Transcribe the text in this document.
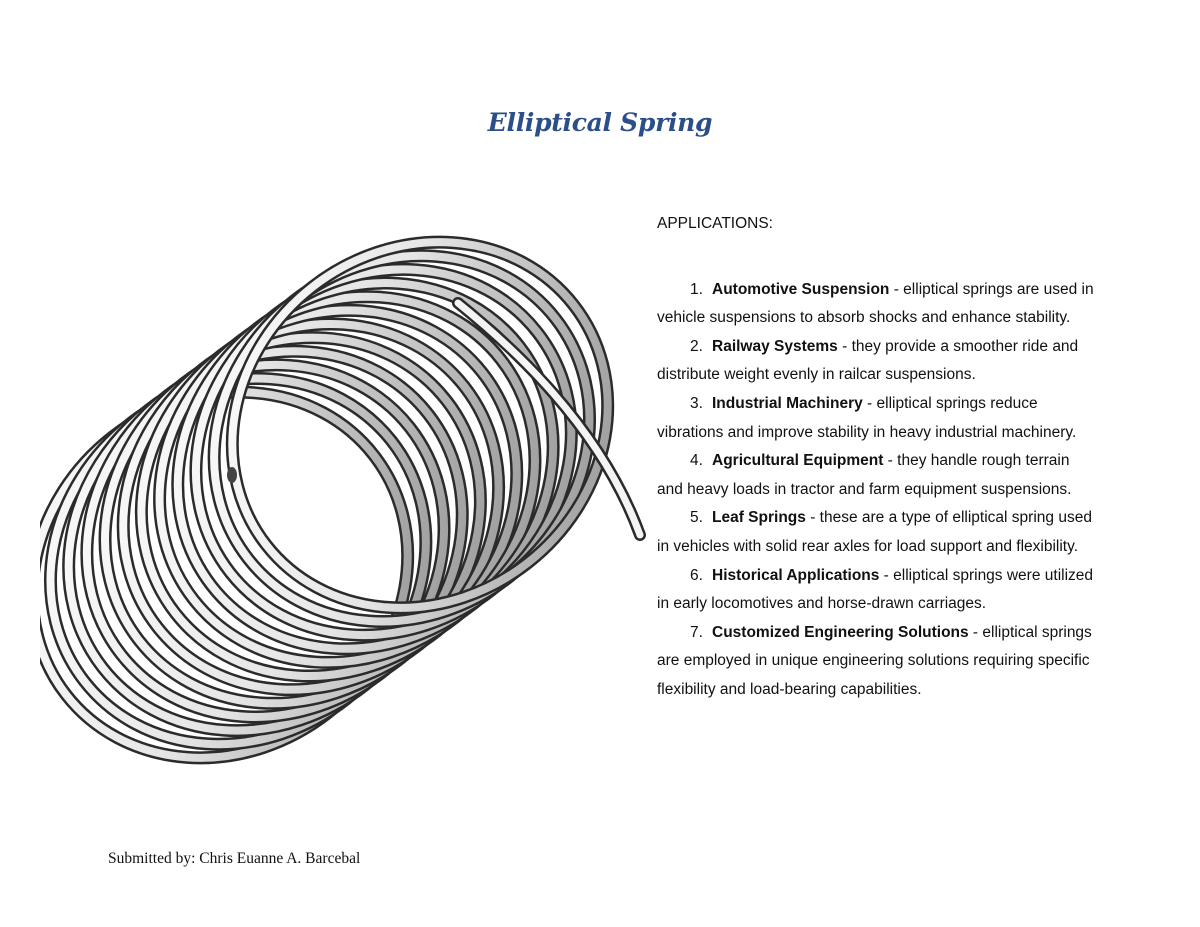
Elliptical Spring

APPLICATIONS:

1. Automotive Suspension - elliptical springs are used in vehicle suspensions to absorb shocks and enhance stability.
2. Railway Systems - they provide a smoother ride and distribute weight evenly in railcar suspensions.
3. Industrial Machinery - elliptical springs reduce vibrations and improve stability in heavy industrial machinery.
4. Agricultural Equipment - they handle rough terrain and heavy loads in tractor and farm equipment suspensions.
5. Leaf Springs - these are a type of elliptical spring used in vehicles with solid rear axles for load support and flexibility.
6. Historical Applications - elliptical springs were utilized in early locomotives and horse-drawn carriages.
7. Customized Engineering Solutions - elliptical springs are employed in unique engineering solutions requiring specific flexibility and load-bearing capabilities.

Submitted by: Chris Euanne A. Barcebal
